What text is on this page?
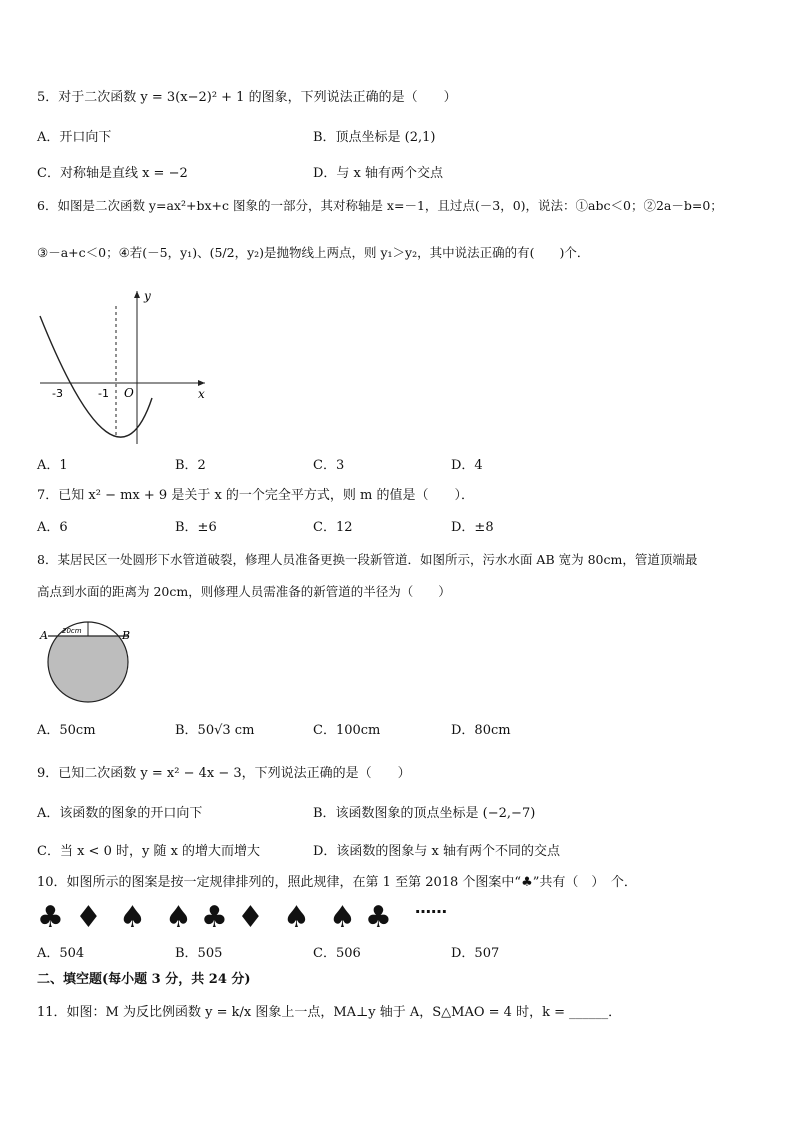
5．对于二次函数 y = 3(x−2)² + 1 的图象，下列说法正确的是（　　）
A．开口向下	B．顶点坐标是 (2,1)
C．对称轴是直线 x = −2	D．与 x 轴有两个交点
6．如图是二次函数 y=ax²+bx+c 图象的一部分，其对称轴是 x=－1，且过点(－3，0)，说法：①abc＜0；②2a－b=0；
③－a+c＜0；④若(－5，y₁)、(5/2，y₂)是抛物线上两点，则 y₁＞y₂，其中说法正确的有(　　)个．
y
x
O
-3	-1
A．1	B．2	C．3	D．4
7．已知 x² − mx + 9 是关于 x 的一个完全平方式，则 m 的值是（　　）．
A．6	B．±6	C．12	D．±8
8．某居民区一处圆形下水管道破裂，修理人员准备更换一段新管道．如图所示，污水水面 AB 宽为 80cm，管道顶端最
高点到水面的距离为 20cm，则修理人员需准备的新管道的半径为（　　）
A	B
20cm
A．50cm	B．50√3 cm	C．100cm	D．80cm
9．已知二次函数 y = x² − 4x − 3，下列说法正确的是（　　）
A．该函数的图象的开口向下	B．该函数图象的顶点坐标是 (−2,−7)
C．当 x < 0 时，y 随 x 的增大而增大	D．该函数的图象与 x 轴有两个不同的交点
10．如图所示的图案是按一定规律排列的，照此规律，在第 1 至第 2018 个图案中“♣”共有（　）　个．
♣ ♦ ♠ ♠ ♣ ♦ ♠ ♠ ♣ ……
A．504	B．505	C．506	D．507
二、填空题(每小题 3 分，共 24 分)
11．如图：M 为反比例函数 y = k/x 图象上一点，MA⊥y 轴于 A，S△MAO = 4 时，k = ______．
